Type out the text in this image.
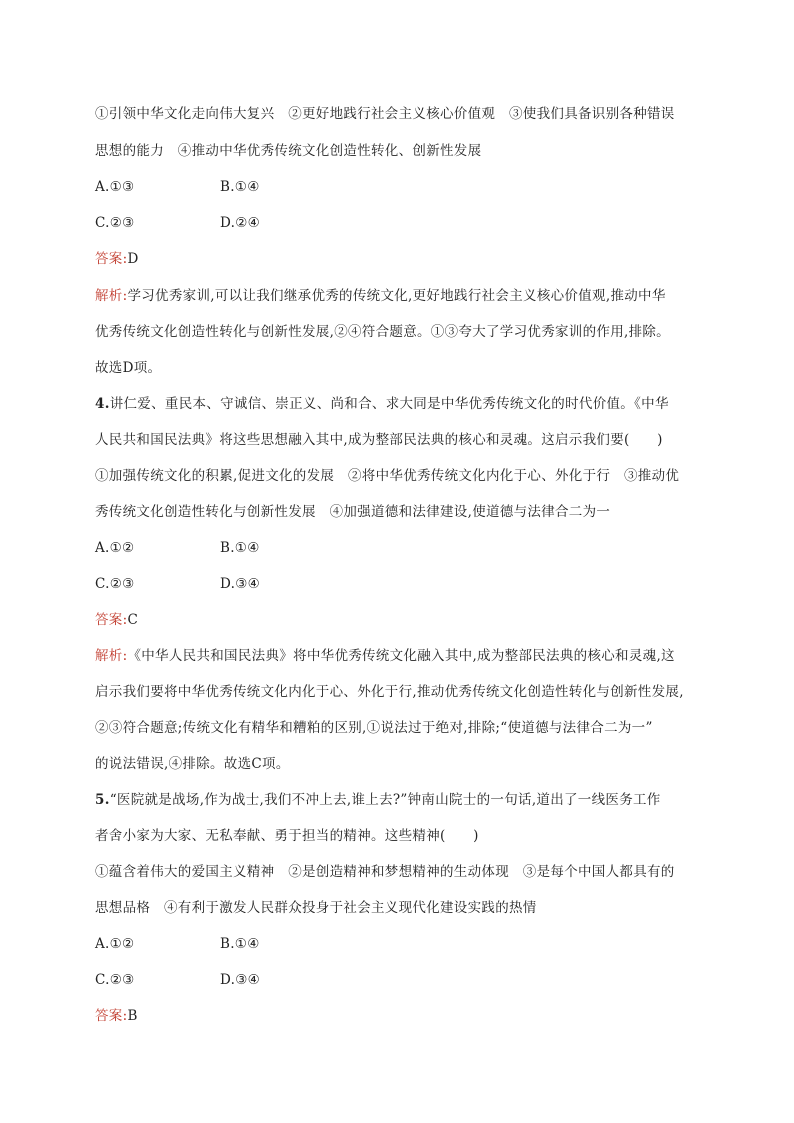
①引领中华文化走向伟大复兴　②更好地践行社会主义核心价值观　③使我们具备识别各种错误
思想的能力　④推动中华优秀传统文化创造性转化、创新性发展
A.①③	B.①④
C.②③	D.②④
答案:D
解析:学习优秀家训,可以让我们继承优秀的传统文化,更好地践行社会主义核心价值观,推动中华
优秀传统文化创造性转化与创新性发展,②④符合题意。①③夸大了学习优秀家训的作用,排除。
故选D项。
4.讲仁爱、重民本、守诚信、崇正义、尚和合、求大同是中华优秀传统文化的时代价值。《中华
人民共和国民法典》将这些思想融入其中,成为整部民法典的核心和灵魂。这启示我们要(　　)
①加强传统文化的积累,促进文化的发展　②将中华优秀传统文化内化于心、外化于行　③推动优
秀传统文化创造性转化与创新性发展　④加强道德和法律建设,使道德与法律合二为一
A.①②	B.①④
C.②③	D.③④
答案:C
解析:《中华人民共和国民法典》将中华优秀传统文化融入其中,成为整部民法典的核心和灵魂,这
启示我们要将中华优秀传统文化内化于心、外化于行,推动优秀传统文化创造性转化与创新性发展,
②③符合题意;传统文化有精华和糟粕的区别,①说法过于绝对,排除;“使道德与法律合二为一”
的说法错误,④排除。故选C项。
5.“医院就是战场,作为战士,我们不冲上去,谁上去?”钟南山院士的一句话,道出了一线医务工作
者舍小家为大家、无私奉献、勇于担当的精神。这些精神(　　)
①蕴含着伟大的爱国主义精神　②是创造精神和梦想精神的生动体现　③是每个中国人都具有的
思想品格　④有利于激发人民群众投身于社会主义现代化建设实践的热情
A.①②	B.①④
C.②③	D.③④
答案:B
